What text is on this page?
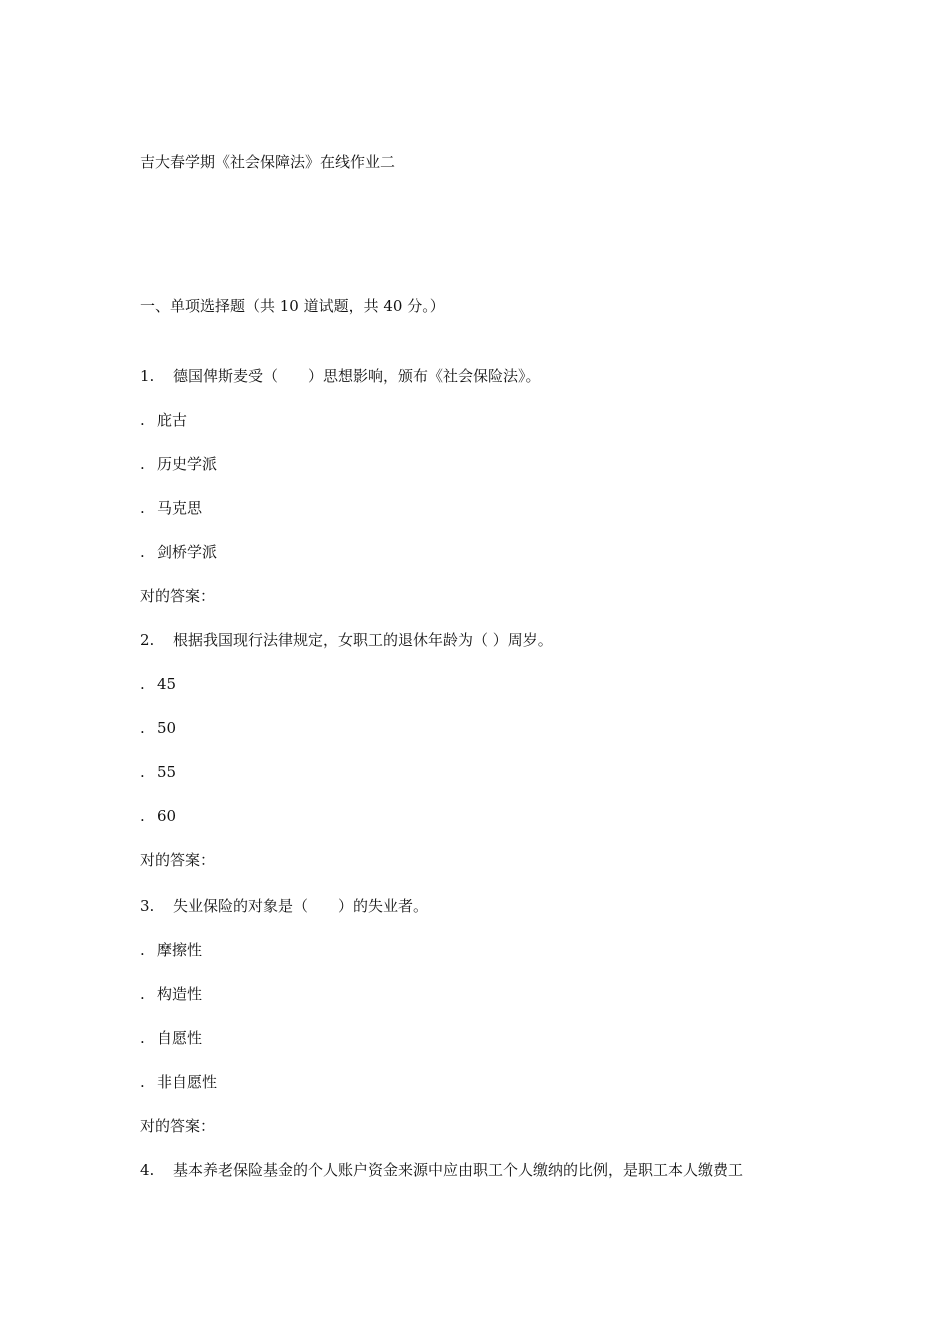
吉大春学期《社会保障法》在线作业二
一、单项选择题（共 10 道试题，共 40 分。）
1. 德国俾斯麦受（　　）思想影响，颁布《社会保险法》。
. 庇古
. 历史学派
. 马克思
. 剑桥学派
对的答案：
2. 根据我国现行法律规定，女职工的退休年龄为（ ）周岁。
. 45
. 50
. 55
. 60
对的答案：
3. 失业保险的对象是（　　）的失业者。
. 摩擦性
. 构造性
. 自愿性
. 非自愿性
对的答案：
4. 基本养老保险基金的个人账户资金来源中应由职工个人缴纳的比例，是职工本人缴费工
